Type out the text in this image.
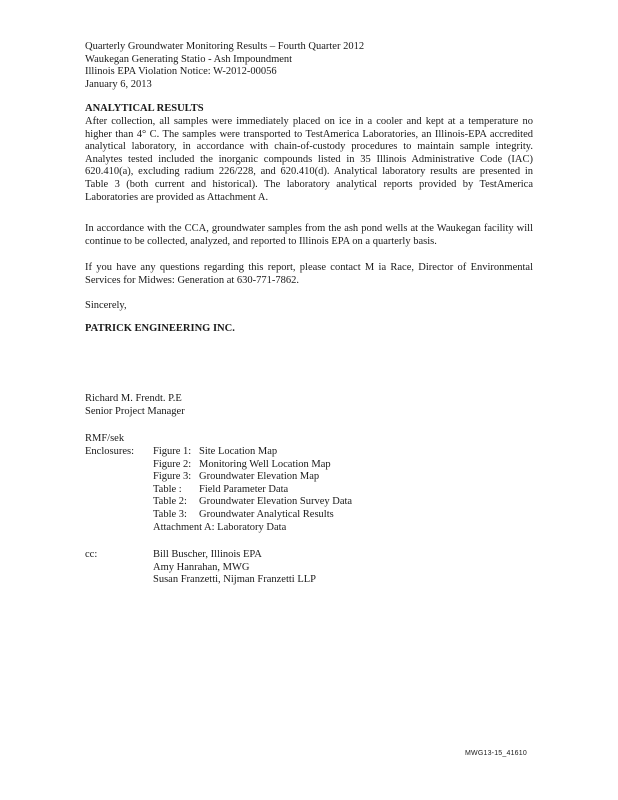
Quarterly Groundwater Monitoring Results – Fourth Quarter 2012
Waukegan Generating Statio - Ash Impoundment
Illinois EPA Violation Notice: W-2012-00056
January 6, 2013
ANALYTICAL RESULTS
After collection, all samples were immediately placed on ice in a cooler and kept at a temperature no higher than 4° C. The samples were transported to TestAmerica Laboratories, an Illinois-EPA accredited analytical laboratory, in accordance with chain-of-custody procedures to maintain sample integrity. Analytes tested included the inorganic compounds listed in 35 Illinois Administrative Code (IAC) 620.410(a), excluding radium 226/228, and 620.410(d). Analytical laboratory results are presented in Table 3 (both current and historical). The laboratory analytical reports provided by TestAmerica Laboratories are provided as Attachment A.
In accordance with the CCA, groundwater samples from the ash pond wells at the Waukegan facility will continue to be collected, analyzed, and reported to Illinois EPA on a quarterly basis.
If you have any questions regarding this report, please contact M ia Race, Director of Environmental Services for Midwes: Generation at 630-771-7862.
Sincerely,
PATRICK ENGINEERING INC.
Richard M. Frendt. P.E
Senior Project Manager
RMF/sek
Enclosures:	Figure 1: Site Location Map
Figure 2: Monitoring Well Location Map
Figure 3: Groundwater Elevation Map
Table : Field Parameter Data
Table 2: Groundwater Elevation Survey Data
Table 3: Groundwater Analytical Results
Attachment A: Laboratory Data
cc:	Bill Buscher, Illinois EPA
Amy Hanrahan, MWG
Susan Franzetti, Nijman Franzetti LLP
MWG13-15_41610
